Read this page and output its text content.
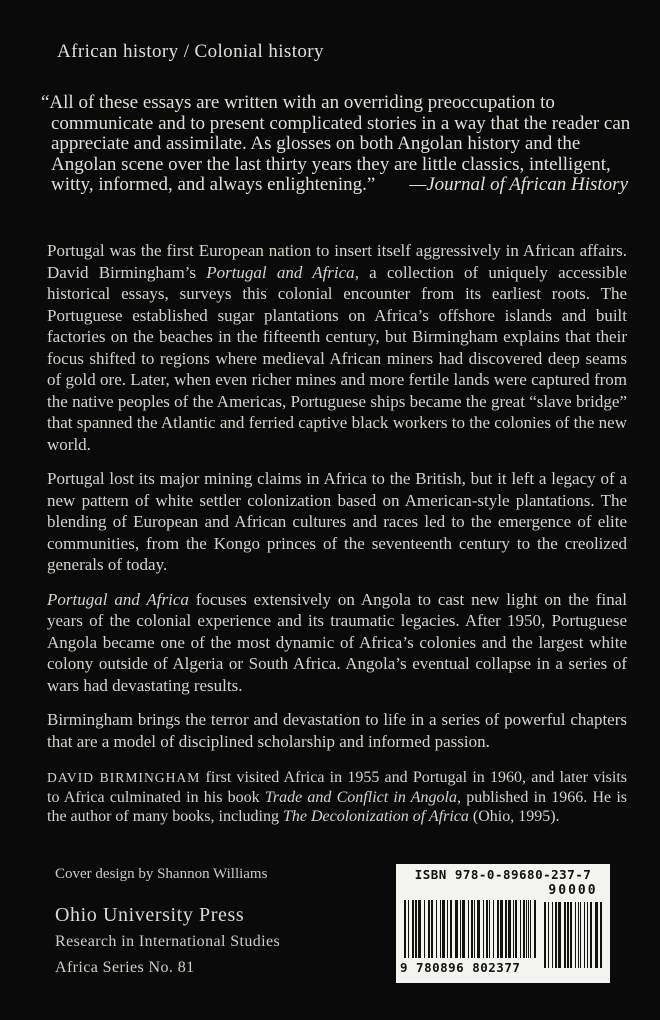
African history / Colonial history
“All of these essays are written with an overriding preoccupation to communicate and to present complicated stories in a way that the reader can appreciate and assimilate. As glosses on both Angolan history and the Angolan scene over the last thirty years they are little classics, intelligent, witty, informed, and always enlightening.” —Journal of African History

Portugal was the first European nation to insert itself aggressively in African affairs. David Birmingham’s Portugal and Africa, a collection of uniquely accessible historical essays, surveys this colonial encounter from its earliest roots. The Portuguese established sugar plantations on Africa’s offshore islands and built factories on the beaches in the fifteenth century, but Birmingham explains that their focus shifted to regions where medieval African miners had discovered deep seams of gold ore. Later, when even richer mines and more fertile lands were captured from the native peoples of the Americas, Portuguese ships became the great “slave bridge” that spanned the Atlantic and ferried captive black workers to the colonies of the new world.

Portugal lost its major mining claims in Africa to the British, but it left a legacy of a new pattern of white settler colonization based on American-style plantations. The blending of European and African cultures and races led to the emergence of elite communities, from the Kongo princes of the seventeenth century to the creolized generals of today.

Portugal and Africa focuses extensively on Angola to cast new light on the final years of the colonial experience and its traumatic legacies. After 1950, Portuguese Angola became one of the most dynamic of Africa’s colonies and the largest white colony outside of Algeria or South Africa. Angola’s eventual collapse in a series of wars had devastating results.

Birmingham brings the terror and devastation to life in a series of powerful chapters that are a model of disciplined scholarship and informed passion.

DAVID BIRMINGHAM first visited Africa in 1955 and Portugal in 1960, and later visits to Africa culminated in his book Trade and Conflict in Angola, published in 1966. He is the author of many books, including The Decolonization of Africa (Ohio, 1995).

Cover design by Shannon Williams
Ohio University Press
Research in International Studies
Africa Series No. 81
ISBN 978-0-89680-237-7
90000
9 780896 802377
